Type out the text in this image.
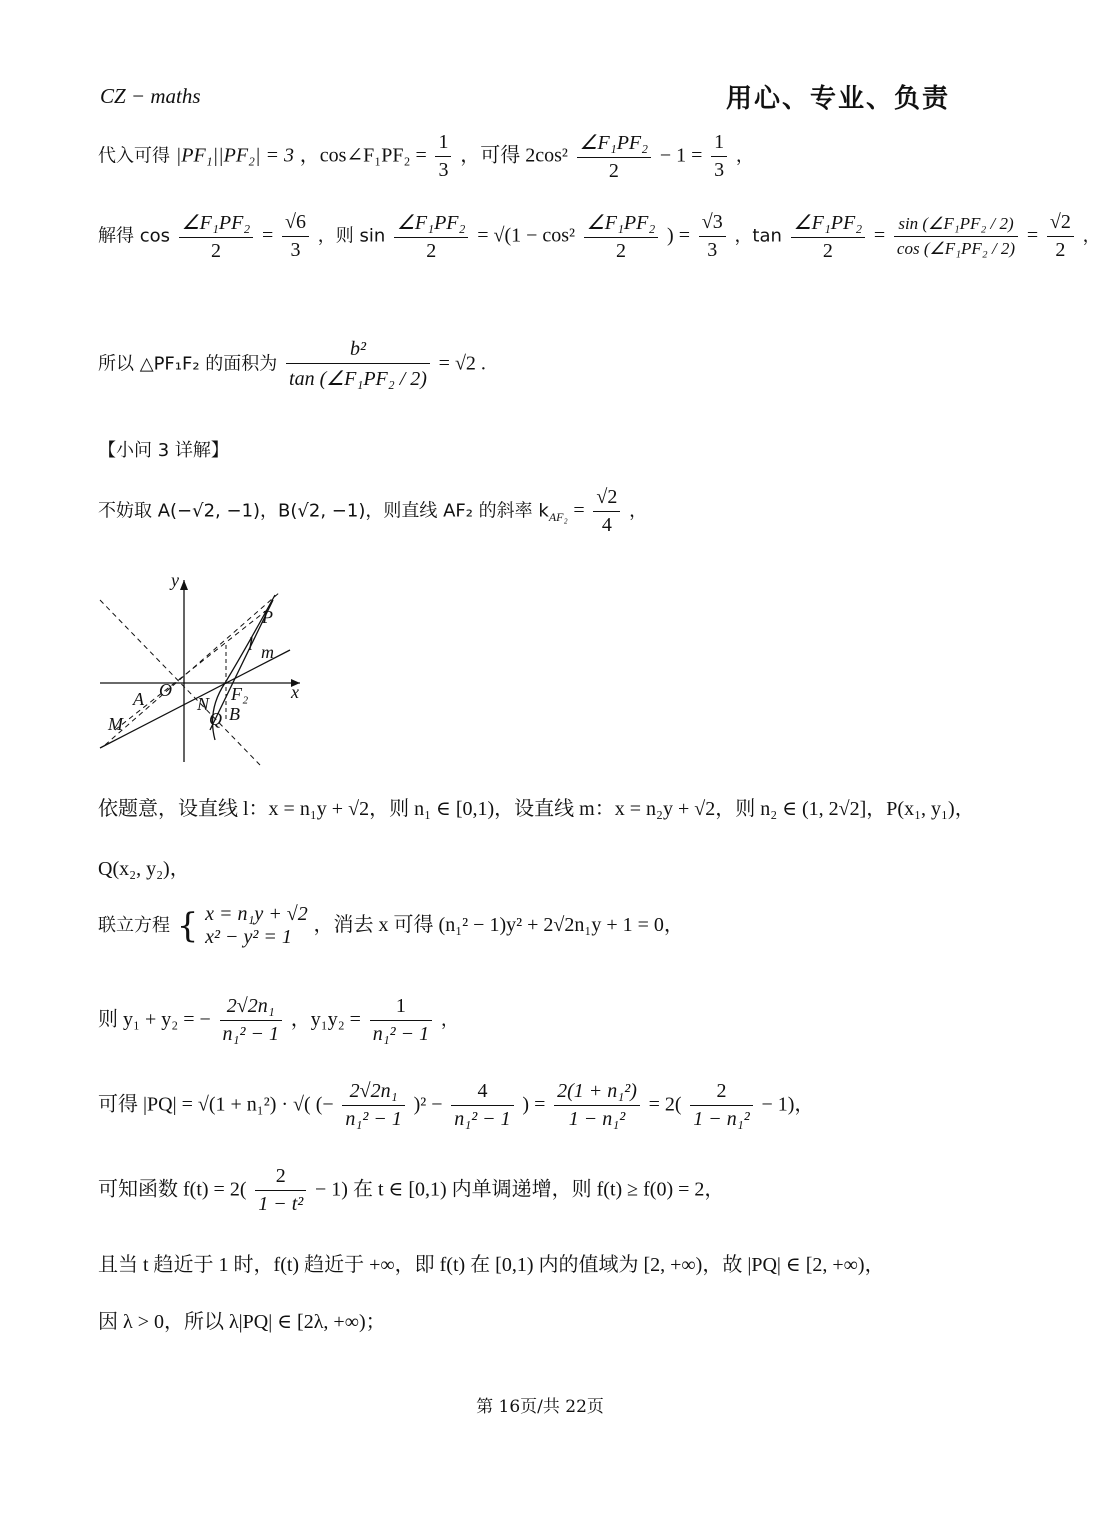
CZ − maths	用心、专业、负责
代入可得 |PF₁||PF₂| = 3 ，cos∠F₁PF₂ = $\frac{1}{3}$ ，可得 $2\cos^2 \frac{\text{∠F₁PF₂}}{2} - 1 = \frac{1}{3}$ ，
解得 $\cos \frac{\text{∠F₁PF₂}}{2} = \frac{√6}{3}$ ，则 $\sin \frac{\text{∠F₁PF₂}}{2} = √(1 - \cos^2 \frac{\text{∠F₁PF₂}}{2}$ ) = $\frac{√3}{3}$ ，$\tan \frac{\text{∠F₁PF₂}}{2} = \frac{\text{sin (∠F₁PF₂ / 2)}}{\text{cos (∠F₁PF₂ / 2)}} = \frac{√2}{2}$ ，
所以 △PF₁F₂ 的面积为 $\frac{\text{b²}}{\text{tan (∠F₁PF₂ / 2)}} = √2$ .
【小问 3 详解】
不妨取 A(−√2, −1)，B(√2, −1)，则直线 AF₂ 的斜率 $k_{AF_2} = \frac{√2}{4}$ ，
y
x
P
l m
O	F₂
A	N B
M	Q
依题意，设直线 l：x = n₁y + √2，则 n₁ ∈ [0,1)，设直线 m：x = n₂y + √2，则 n₂ ∈ (1, 2√2]，P(x₁, y₁)，
Q(x₂, y₂)，
联立方程 { x = n₁y + √2
x² − y² = 1
，消去 x 可得 (n₁² − 1)y² + 2√2n₁y + 1 = 0，
则 y₁ + y₂ = − $\frac{\text{2√2n₁}}{\text{n₁² − 1}}$ ，$y_1y_2 = \frac{1}{\text{n₁² − 1}}$ ，
可得 |PQ| = √(1 + n₁²) · √( (− $\frac{\text{2√2n₁}}{\text{n₁² − 1}} )^2 - \frac{4}{\text{n₁² − 1}}$ ) = $\frac{\text{2(1 + n₁²)}}{\text{1 − n₁²}} = 2( \frac{2}{\text{1 − n₁²}} - 1)$，
可知函数 $f(t) = 2( \frac{2}{\text{1 − t²}} - 1)$ 在 t ∈ [0,1) 内单调递增，则 f(t) ≥ f(0) = 2，
且当 t 趋近于 1 时，f(t) 趋近于 +∞，即 f(t) 在 [0,1) 内的值域为 [2, +∞)，故 |PQ| ∈ [2, +∞)，
因 λ > 0，所以 λ|PQ| ∈ [2λ, +∞)；
第 16页/共 22页
